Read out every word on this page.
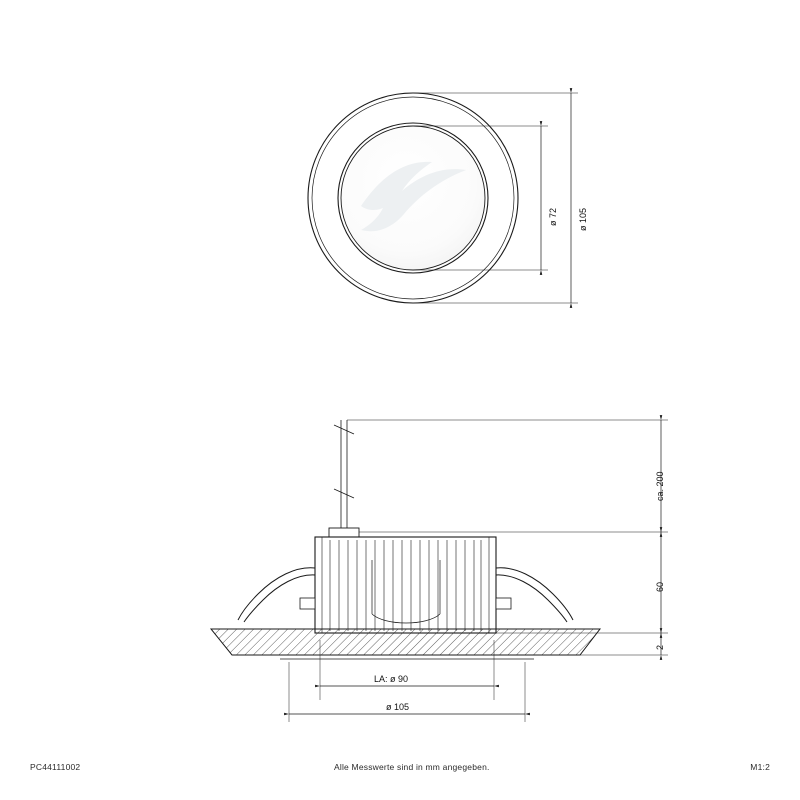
ø 72 ø 105
ca. 200
60
2
LA: ø 90
ø 105
PC44111002	Alle Messwerte sind in mm angegeben.	M1:2
